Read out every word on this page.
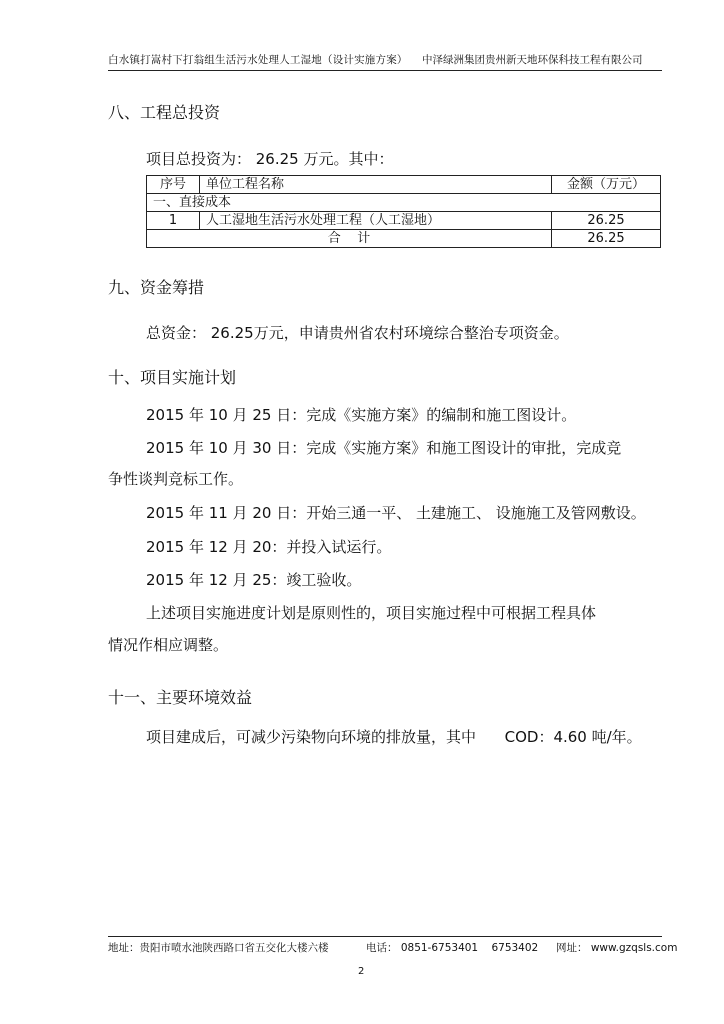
白水镇打嵩村下打翁组生活污水处理人工湿地（设计实施方案） 中泽绿洲集团贵州新天地环保科技工程有限公司
八、工程总投资
项目总投资为： 26.25 万元。其中：
序号	单位工程名称	金额（万元）
一、直接成本		
1	人工湿地生活污水处理工程（人工湿地）	26.25
合    计		26.25
九、资金筹措
总资金： 26.25万元，申请贵州省农村环境综合整治专项资金。
十、项目实施计划
2015 年 10 月 25 日：完成《实施方案》的编制和施工图设计。
2015 年 10 月 30 日：完成《实施方案》和施工图设计的审批，完成竞
争性谈判竞标工作。
2015 年 11 月 20 日：开始三通一平、 土建施工、 设施施工及管网敷设。
2015 年 12 月 20：并投入试运行。
2015 年 12 月 25：竣工验收。
上述项目实施进度计划是原则性的，项目实施过程中可根据工程具体
情况作相应调整。
十一、主要环境效益
项目建成后，可减少污染物向环境的排放量，其中      COD：4.60 吨/年。
地址：贵阳市喷水池陕西路口省五交化大楼六楼	电话： 0851-6753401    6753402 网址： www.gzqsls.com
2
